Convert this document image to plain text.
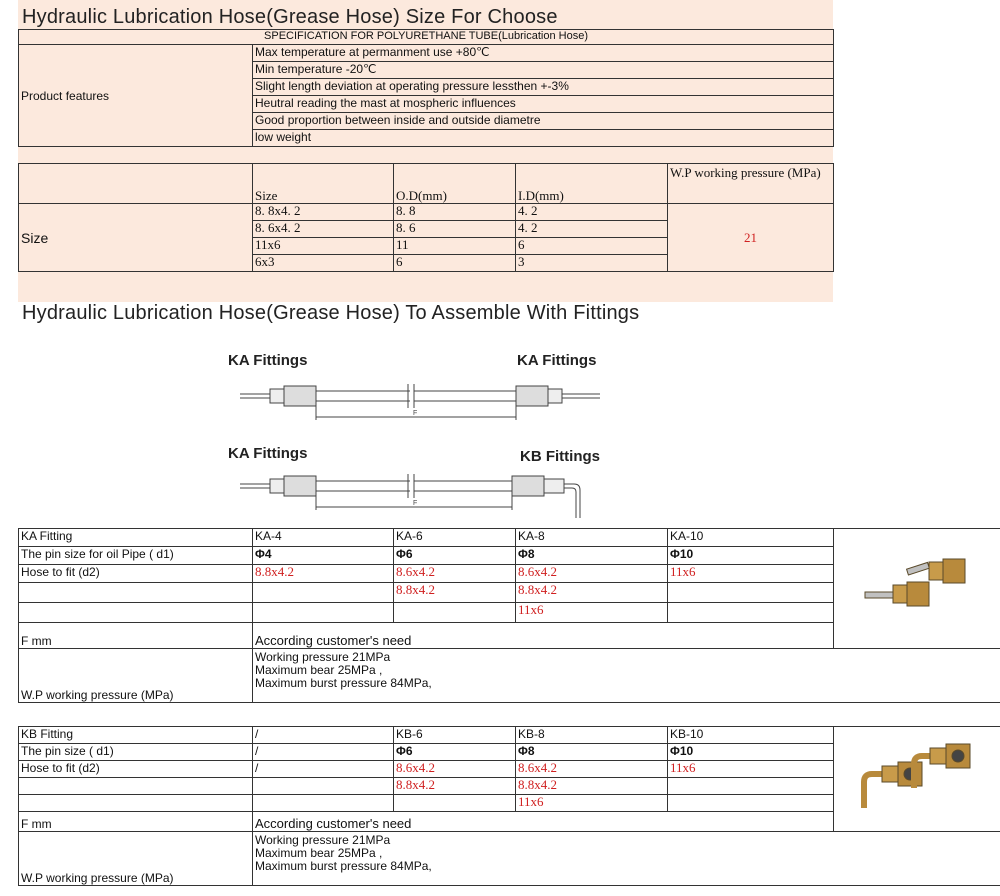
Hydraulic Lubrication Hose(Grease Hose) Size For Choose
SPECIFICATION FOR POLYURETHANE TUBE(Lubrication Hose)
Product features	Max temperature at permanment use +80℃
Min temperature -20℃
Slight length deviation at operating pressure lessthen +-3%
Heutral reading the mast at mospheric influences
Good proportion between inside and outside diametre
low weight
	Size	O.D(mm)	I.D(mm)	W.P working pressure (MPa)
Size	8. 8x4. 2	8. 8	4. 2	21
	8. 6x4. 2	8. 6	4. 2	
	11x6	11	6	
	6x3	6	3	
Hydraulic Lubrication Hose(Grease Hose) To Assemble With Fittings
KA Fittings	KA Fittings
KA Fittings	KB Fittings
F
F
KA Fitting	KA-4	KA-6	KA-8	KA-10	
The pin size for oil Pipe ( d1)	Φ4	Φ6	Φ8	Φ10	
Hose to fit (d2)	8.8x4.2	8.6x4.2	8.6x4.2	11x6	
		8.8x4.2	8.8x4.2		
			11x6		
F mm	According customer's need				
W.P working pressure (MPa)	Working pressure 21MPa
Maximum bear 25MPa ,
Maximum burst pressure 84MPa,				
KB Fitting	/	KB-6	KB-8	KB-10	
The pin size ( d1)	/	Φ6	Φ8	Φ10	
Hose to fit (d2)	/	8.6x4.2	8.6x4.2	11x6	
		8.8x4.2	8.8x4.2		
			11x6		
F mm	According customer's need				
W.P working pressure (MPa)	Working pressure 21MPa
Maximum bear 25MPa ,
Maximum burst pressure 84MPa,				
